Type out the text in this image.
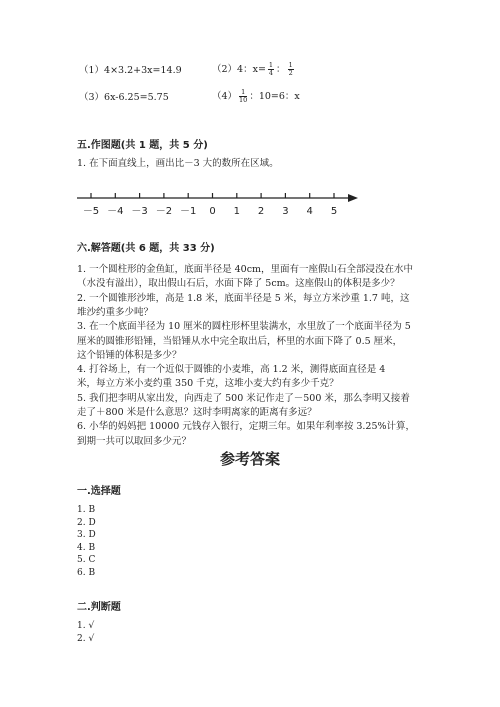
（1）4×3.2+3x=14.9	（2）4：$x= \frac{1}{4}$ ： $\frac{1}{2}$
（3）6x-6.25=5.75	$(4) \frac{1}{10}$ ：10=6：x
五.作图题(共 1 题，共 5 分)
1. 在下面直线上，画出比－3 大的数所在区域。
－5 －4 －3 －2 －1 0 1 2 3 4 5
六.解答题(共 6 题，共 33 分)
1. 一个圆柱形的金鱼缸，底面半径是 40cm，里面有一座假山石全部浸没在水中
（水没有溢出），取出假山石后，水面下降了 5cm。这座假山的体积是多少？
2. 一个圆锥形沙堆，高是 1.8 米，底面半径是 5 米，每立方米沙重 1.7 吨，这
堆沙约重多少吨？
3. 在一个底面半径为 10 厘米的圆柱形杯里装满水，水里放了一个底面半径为 5
厘米的圆锥形铅锤，当铅锤从水中完全取出后，杯里的水面下降了 0.5 厘米，
这个铅锤的体积是多少？
4. 打谷场上，有一个近似于圆锥的小麦堆，高 1.2 米，测得底面直径是 4
米，每立方米小麦约重 350 千克，这堆小麦大约有多少千克？
5. 我们把李明从家出发，向西走了 500 米记作走了－500 米，那么李明又接着
走了＋800 米是什么意思？这时李明离家的距离有多远？
6. 小华的妈妈把 10000 元钱存入银行，定期三年。如果年利率按 3.25%计算，
到期一共可以取回多少元？
参考答案
一.选择题
1. B
2. D
3. D
4. B
5. C
6. B
二.判断题
1. √
2. √
